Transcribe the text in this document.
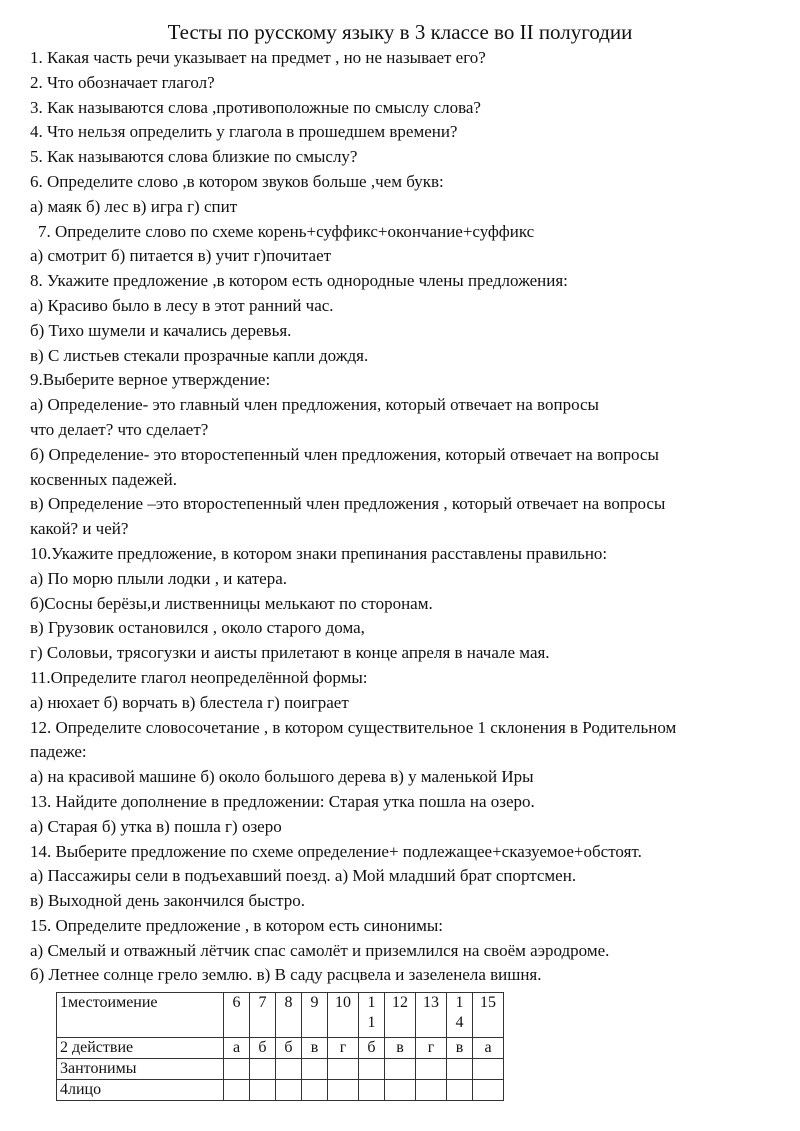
Тесты по русскому языку в 3 классе во II полугодии
1. Какая часть речи указывает на предмет , но не называет его?
2. Что обозначает глагол?
3. Как называются слова ,противоположные по смыслу слова?
4. Что нельзя определить у глагола в прошедшем времени?
5. Как называются слова близкие по смыслу?
6. Определите слово ,в котором звуков больше ,чем букв:
а) маяк б) лес в) игра г) спит
7. Определите слово по схеме корень+суффикс+окончание+суффикс
а) смотрит б) питается в) учит г)почитает
8. Укажите предложение ,в котором есть однородные члены предложения:
а) Красиво было в лесу в этот ранний час.
б) Тихо шумели и качались деревья.
в) С листьев стекали прозрачные капли дождя.
9.Выберите верное утверждение:
а) Определение- это главный член предложения, который отвечает на вопросы
что делает? что сделает?
б) Определение- это второстепенный член предложения, который отвечает на вопросы
косвенных падежей.
в) Определение –это второстепенный член предложения , который отвечает на вопросы
какой? и чей?
10.Укажите предложение, в котором знаки препинания расставлены правильно:
а) По морю плыли лодки , и катера.
б)Сосны берёзы,и лиственницы мелькают по сторонам.
в) Грузовик остановился , около старого дома,
г) Соловьи, трясогузки и аисты прилетают в конце апреля в начале мая.
11.Определите глагол неопределённой формы:
а) нюхает б) ворчать в) блестела г) поиграет
12. Определите словосочетание , в котором существительное 1 склонения в Родительном
падеже:
а) на красивой машине б) около большого дерева в) у маленькой Иры
13. Найдите дополнение в предложении: Старая утка пошла на озеро.
а) Старая б) утка в) пошла г) озеро
14. Выберите предложение по схеме определение+ подлежащее+сказуемое+обстоят.
а) Пассажиры сели в подъехавший поезд. а) Мой младший брат спортсмен.
в) Выходной день закончился быстро.
15. Определите предложение , в котором есть синонимы:
а) Смелый и отважный лётчик спас самолёт и приземлился на своём аэродроме.
б) Летнее солнце грело землю. в) В саду расцвела и зазеленела вишня.
1местоимение	6	7	8	9	10	11	12	13	14	15
2 действие	а	б	б	в	г	б	в	г	в	а
3антонимы										
4лицо										
